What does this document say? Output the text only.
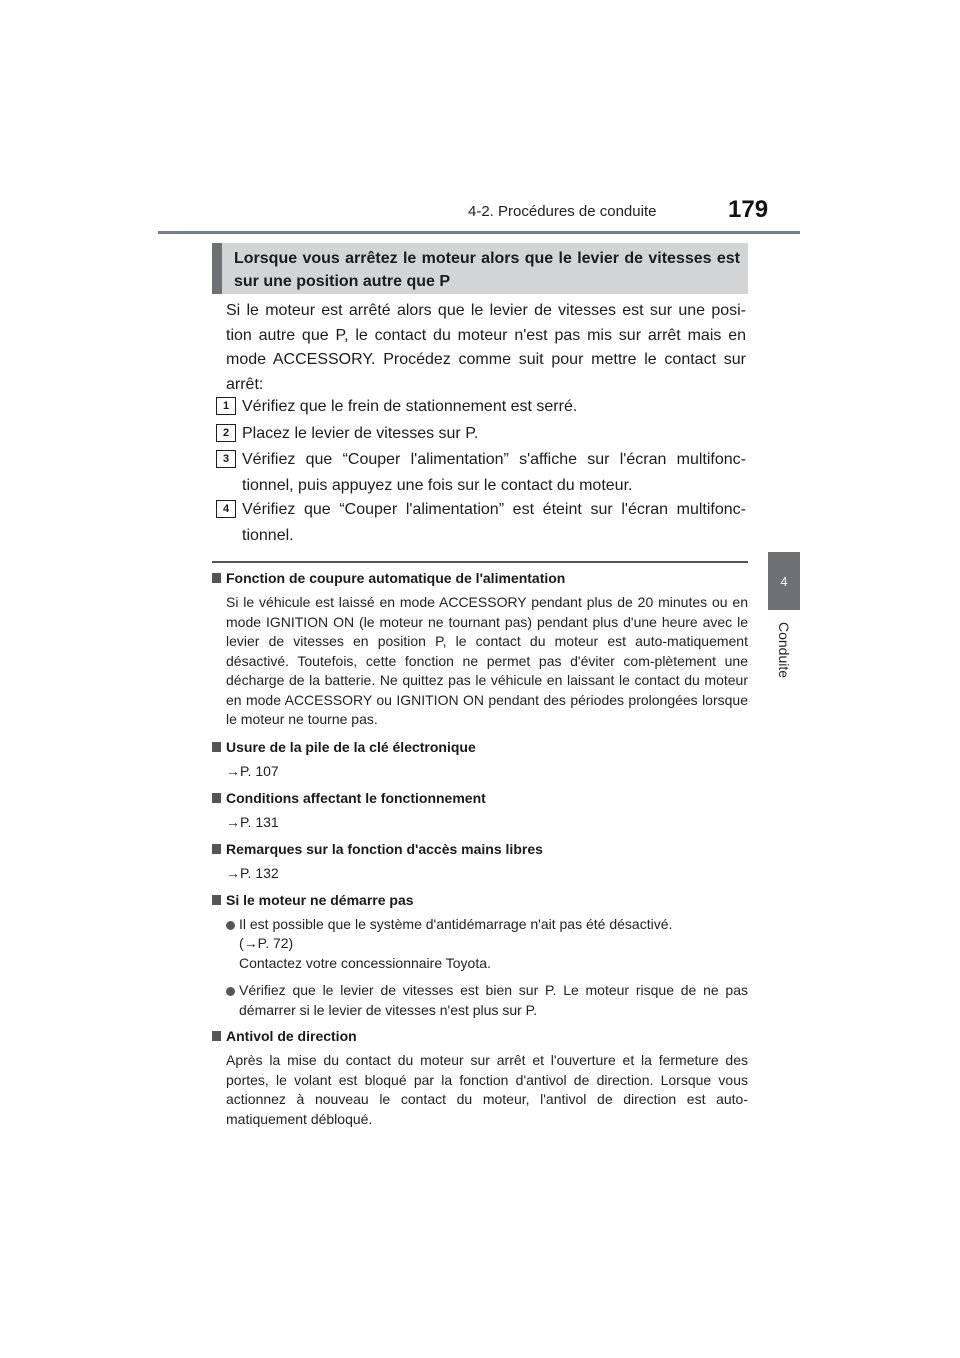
4-2. Procédures de conduite	179
4
Conduite
Lorsque vous arrêtez le moteur alors que le levier de vitesses est sur une position autre que P

Si le moteur est arrêté alors que le levier de vitesses est sur une posi-tion autre que P, le contact du moteur n'est pas mis sur arrêt mais en mode ACCESSORY. Procédez comme suit pour mettre le contact sur arrêt:

1 Vérifiez que le frein de stationnement est serré.
2 Placez le levier de vitesses sur P.
3 Vérifiez que “Couper l'alimentation” s'affiche sur l'écran multifonc-tionnel, puis appuyez une fois sur le contact du moteur.
4 Vérifiez que “Couper l'alimentation” est éteint sur l'écran multifonc-tionnel.
Fonction de coupure automatique de l'alimentation
Si le véhicule est laissé en mode ACCESSORY pendant plus de 20 minutes ou en mode IGNITION ON (le moteur ne tournant pas) pendant plus d'une heure avec le levier de vitesses en position P, le contact du moteur est auto-matiquement désactivé. Toutefois, cette fonction ne permet pas d'éviter com-plètement une décharge de la batterie. Ne quittez pas le véhicule en laissant le contact du moteur en mode ACCESSORY ou IGNITION ON pendant des périodes prolongées lorsque le moteur ne tourne pas.
Usure de la pile de la clé électronique
→P. 107
Conditions affectant le fonctionnement
→P. 131
Remarques sur la fonction d'accès mains libres
→P. 132
Si le moteur ne démarre pas
Il est possible que le système d'antidémarrage n'ait pas été désactivé.
(→P. 72)
Contactez votre concessionnaire Toyota.
Vérifiez que le levier de vitesses est bien sur P. Le moteur risque de ne pas démarrer si le levier de vitesses n'est plus sur P.
Antivol de direction
Après la mise du contact du moteur sur arrêt et l'ouverture et la fermeture des portes, le volant est bloqué par la fonction d'antivol de direction. Lorsque vous actionnez à nouveau le contact du moteur, l'antivol de direction est auto-matiquement débloqué.
